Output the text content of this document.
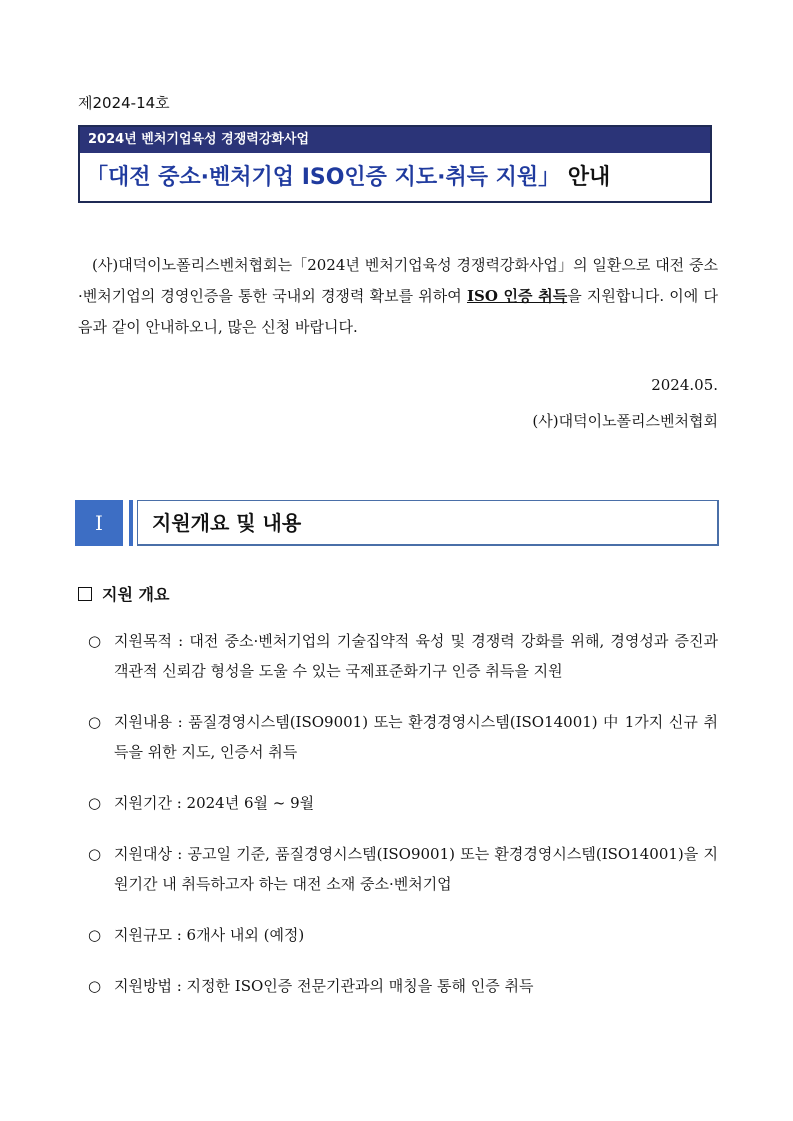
제2024-14호
2024년 벤처기업육성 경쟁력강화사업
「대전 중소·벤처기업 ISO인증 지도·취득 지원」 안내

(사)대덕이노폴리스벤처협회는「2024년 벤처기업육성 경쟁력강화사업」의 일환으로 대전 중소·벤처기업의 경영인증을 통한 국내외 경쟁력 확보를 위하여 ISO 인증 취득을 지원합니다. 이에 다음과 같이 안내하오니, 많은 신청 바랍니다.

2024.05.
(사)대덕이노폴리스벤처협회
Ⅰ	지원개요 및 내용
지원 개요
○ 지원목적 : 대전 중소·벤처기업의 기술집약적 육성 및 경쟁력 강화를 위해, 경영성과 증진과 객관적 신뢰감 형성을 도울 수 있는 국제표준화기구 인증 취득을 지원
○ 지원내용 : 품질경영시스템(ISO9001) 또는 환경경영시스템(ISO14001) 中 1가지 신규 취득을 위한 지도, 인증서 취득
○ 지원기간 : 2024년 6월 ~ 9월
○ 지원대상 : 공고일 기준, 품질경영시스템(ISO9001) 또는 환경경영시스템(ISO14001)을 지원기간 내 취득하고자 하는 대전 소재 중소·벤처기업
○ 지원규모 : 6개사 내외 (예정)
○ 지원방법 : 지정한 ISO인증 전문기관과의 매칭을 통해 인증 취득
